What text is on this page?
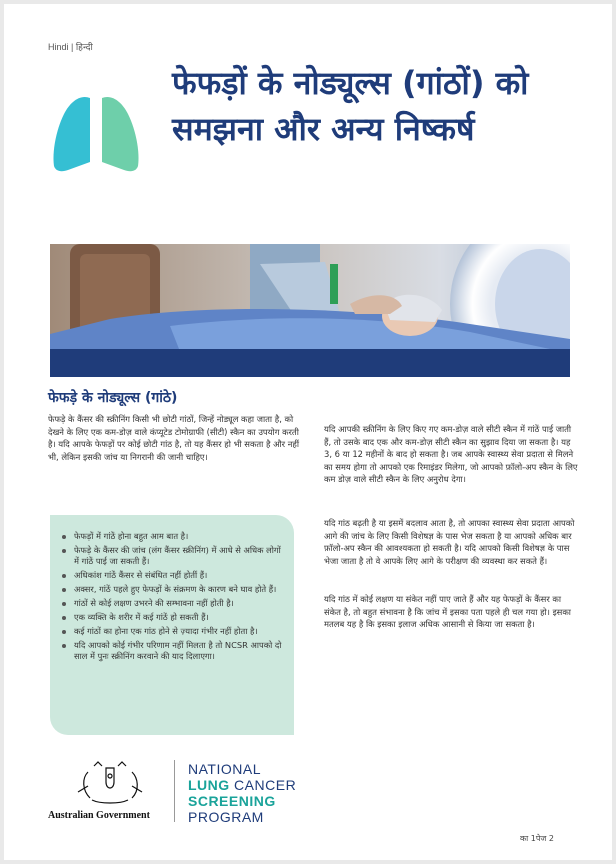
Hindi | हिन्दी
फेफड़ों के नोड्यूल्स (गांठों) को समझना और अन्य निष्कर्ष
फेफड़े के नोड्यूल्स (गांठे)

फेफड़े के कैंसर की स्क्रीनिंग किसी भी छोटी गांठों, जिन्हें नोड्यूल कहा जाता है, को देखने के लिए एक कम-डोज़ वाले कंप्यूटेड टोमोग्राफी (सीटी) स्कैन का उपयोग करती है। यदि आपके फेफड़ों पर कोई छोटी गांठ है, तो यह कैंसर हो भी सकता है और नहीं भी, लेकिन इसकी जांच या निगरानी की जानी चाहिए।

यदि आपकी स्क्रीनिंग के लिए किए गए कम-डोज़ वाले सीटी स्कैन में गांठें पाई जाती हैं, तो उसके बाद एक और कम-डोज़ सीटी स्कैन का सुझाव दिया जा सकता है। यह 3, 6 या 12 महीनों के बाद हो सकता है। जब आपके स्वास्थ्य सेवा प्रदाता से मिलने का समय होगा तो आपको एक रिमाइंडर मिलेगा, जो आपको फ़ॉलो-अप स्कैन के लिए कम डोज़ वाले सीटी स्कैन के लिए अनुरोध देगा।

यदि गांठ बढ़ती है या इसमें बदलाव आता है, तो आपका स्वास्थ्य सेवा प्रदाता आपको आगे की जांच के लिए किसी विशेषज्ञ के पास भेज सकता है या आपको अधिक बार फ़ॉलो-अप स्कैन की आवश्यकता हो सकती है। यदि आपको किसी विशेषज्ञ के पास भेजा जाता है तो वे आपके लिए आगे के परीक्षण की व्यवस्था कर सकते हैं।

यदि गांठ में कोई लक्षण या संकेत नहीं पाए जाते हैं और यह फेफड़ों के कैंसर का संकेत है, तो बहुत संभावना है कि जांच में इसका पता पहले ही चल गया हो। इसका मतलब यह है कि इसका इलाज अधिक आसानी से किया जा सकता है।

फेफड़ों में गांठें होना बहुत आम बात है।
फेफड़े के कैंसर की जांच (लंग कैंसर स्क्रीनिंग) में आधे से अधिक लोगों में गांठें पाई जा सकती हैं।
अधिकांश गांठें कैंसर से संबंधित नहीं होतीं हैं।
अक्सर, गांठें पहले हुए फेफड़ों के संक्रमण के कारण बने घाव होते हैं।
गांठों से कोई लक्षण उभरने की सम्भावना नहीं होती है।
एक व्यक्ति के शरीर में कई गांठें हो सकती हैं।
कई गांठों का होना एक गांठ होने से ज़्यादा गंभीर नहीं होता है।
यदि आपको कोई गंभीर परिणाम नहीं मिलता है तो NCSR आपको दो साल में पुनः स्क्रीनिंग करवाने की याद दिलाएगा।
Australian Government
NATIONAL
LUNG CANCER
SCREENING
PROGRAM
का 1पेज 2
